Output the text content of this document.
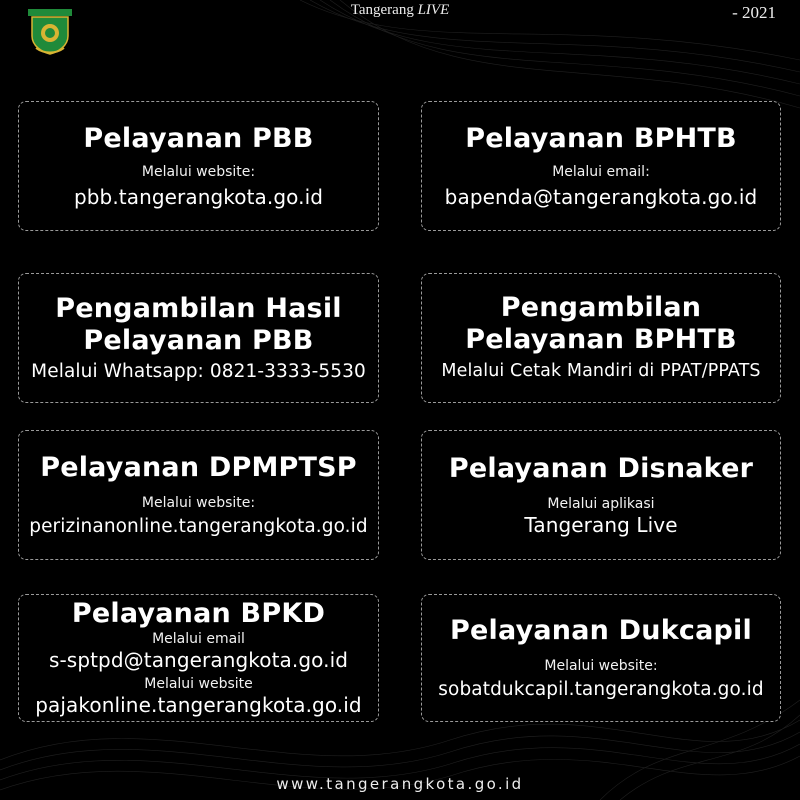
Tangerang LIVE	- 2021
Pelayanan PBB
Melalui website:
pbb.tangerangkota.go.id
Pelayanan BPHTB
Melalui email:
bapenda@tangerangkota.go.id
Pengambilan Hasil
Pelayanan PBB
Melalui Whatsapp: 0821-3333-5530
Pengambilan
Pelayanan BPHTB
Melalui Cetak Mandiri di PPAT/PPATS
Pelayanan DPMPTSP
Melalui website:
perizinanonline.tangerangkota.go.id
Pelayanan Disnaker
Melalui aplikasi
Tangerang Live
Pelayanan BPKD
Melalui email
s-sptpd@tangerangkota.go.id
Melalui website
pajakonline.tangerangkota.go.id
Pelayanan Dukcapil
Melalui website:
sobatdukcapil.tangerangkota.go.id
www.tangerangkota.go.id
